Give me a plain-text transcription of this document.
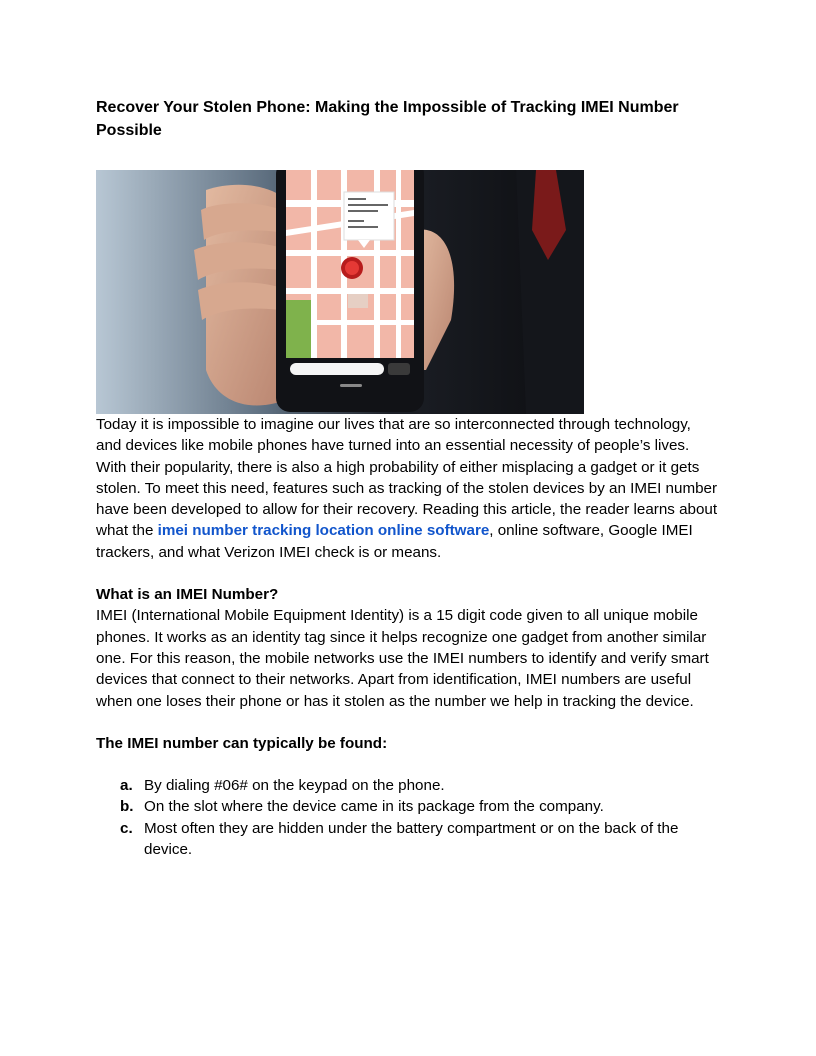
Recover Your Stolen Phone: Making the Impossible of Tracking IMEI Number Possible

Today it is impossible to imagine our lives that are so interconnected through technology, and devices like mobile phones have turned into an essential necessity of people’s lives. With their popularity, there is also a high probability of either misplacing a gadget or it gets stolen. To meet this need, features such as tracking of the stolen devices by an IMEI number have been developed to allow for their recovery. Reading this article, the reader learns about what the imei number tracking location online software, online software, Google IMEI trackers, and what Verizon IMEI check is or means.

What is an IMEI Number?

IMEI (International Mobile Equipment Identity) is a 15 digit code given to all unique mobile phones. It works as an identity tag since it helps recognize one gadget from another similar one. For this reason, the mobile networks use the IMEI numbers to identify and verify smart devices that connect to their networks. Apart from identification, IMEI numbers are useful when one loses their phone or has it stolen as the number we help in tracking the device.

The IMEI number can typically be found:
a. By dialing #06# on the keypad on the phone.
b. On the slot where the device came in its package from the company.
c. Most often they are hidden under the battery compartment or on the back of the device.
